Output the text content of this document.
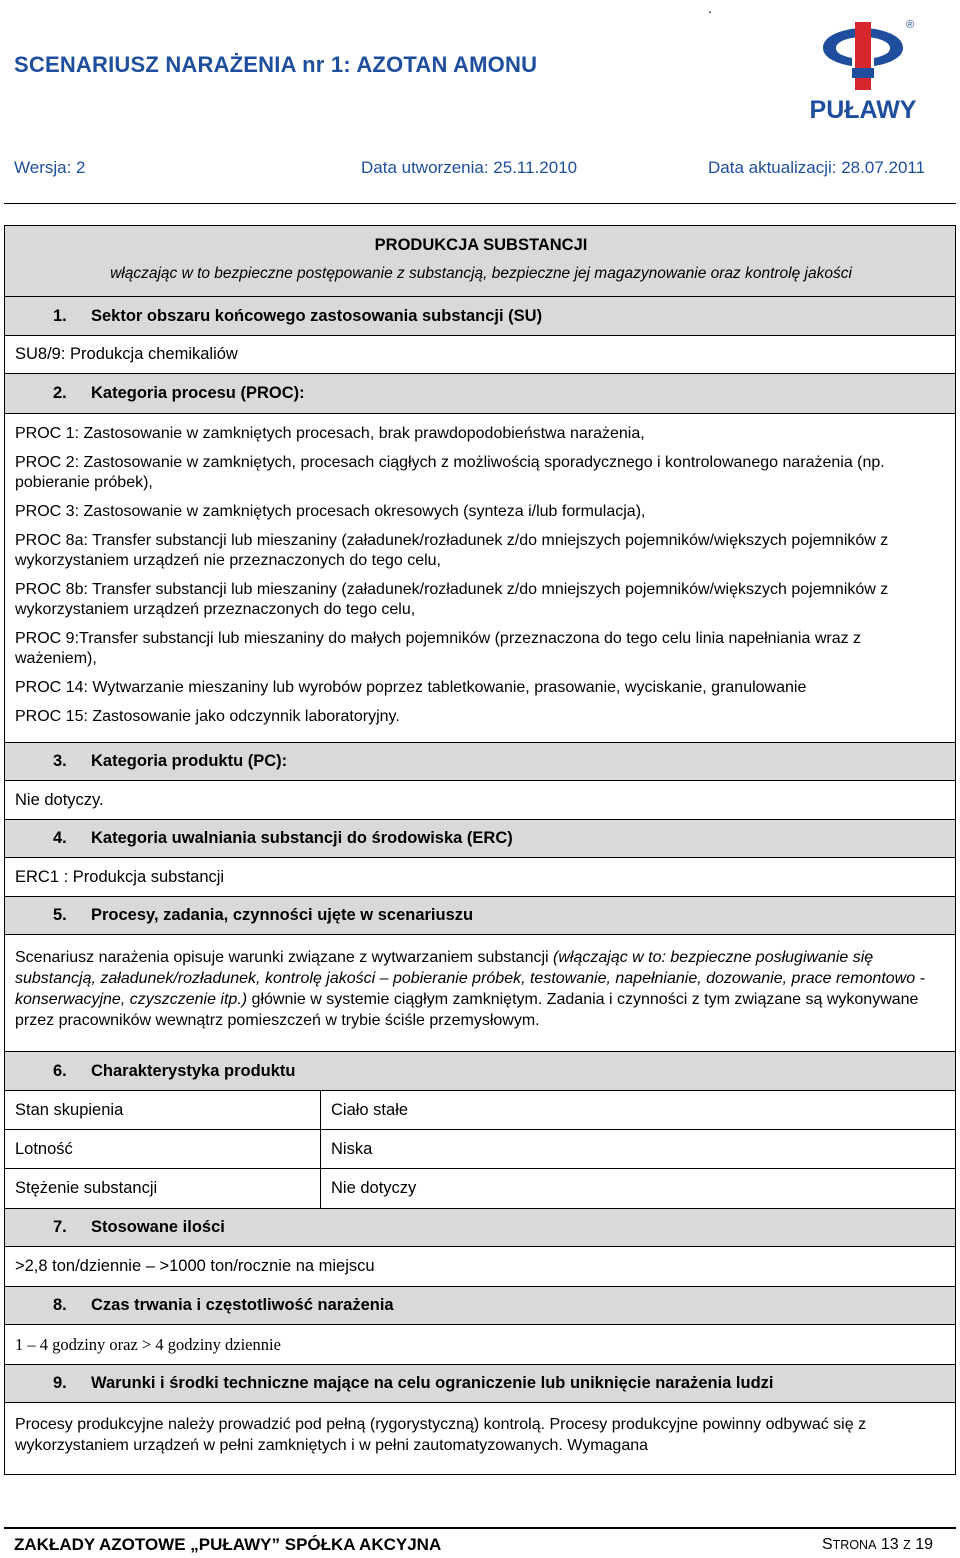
SCENARIUSZ NARAŻENIA nr 1: AZOTAN AMONU
.
®
PUŁAWY
Wersja: 2	Data utworzenia: 25.11.2010	Data aktualizacji: 28.07.2011
PRODUKCJA SUBSTANCJI
włączając w to bezpieczne postępowanie z substancją, bezpieczne jej magazynowanie oraz kontrolę jakości
1.	Sektor obszaru końcowego zastosowania substancji (SU)
SU8/9: Produkcja chemikaliów
2.	Kategoria procesu (PROC):
PROC 1: Zastosowanie w zamkniętych procesach, brak prawdopodobieństwa narażenia,
PROC 2: Zastosowanie w zamkniętych, procesach ciągłych z możliwością sporadycznego i kontrolowanego narażenia (np. pobieranie próbek),
PROC 3: Zastosowanie w zamkniętych procesach okresowych (synteza i/lub formulacja),
PROC 8a: Transfer substancji lub mieszaniny (załadunek/rozładunek z/do mniejszych pojemników/większych pojemników z wykorzystaniem urządzeń nie przeznaczonych do tego celu,
PROC 8b: Transfer substancji lub mieszaniny (załadunek/rozładunek z/do mniejszych pojemników/większych pojemników z wykorzystaniem urządzeń przeznaczonych do tego celu,
PROC 9:Transfer substancji lub mieszaniny do małych pojemników (przeznaczona do tego celu linia napełniania wraz z ważeniem),
PROC 14: Wytwarzanie mieszaniny lub wyrobów poprzez tabletkowanie, prasowanie, wyciskanie, granulowanie
PROC 15: Zastosowanie jako odczynnik laboratoryjny.
3.	Kategoria produktu (PC):
Nie dotyczy.
4.	Kategoria uwalniania substancji do środowiska (ERC)
ERC1 : Produkcja substancji
5.	Procesy, zadania, czynności ujęte w scenariuszu
Scenariusz narażenia opisuje warunki związane z wytwarzaniem substancji (włączając w to: bezpieczne posługiwanie się substancją, załadunek/rozładunek, kontrolę jakości – pobieranie próbek, testowanie, napełnianie, dozowanie, prace remontowo - konserwacyjne, czyszczenie itp.) głównie w systemie ciągłym zamkniętym. Zadania i czynności z tym związane są wykonywane przez pracowników wewnątrz pomieszczeń w trybie ściśle przemysłowym.
6.	Charakterystyka produktu
Stan skupienia	Ciało stałe
Lotność	Niska
Stężenie substancji	Nie dotyczy
7.	Stosowane ilości
>2,8 ton/dziennie – >1000 ton/rocznie na miejscu
8.	Czas trwania i częstotliwość narażenia
1 – 4 godziny oraz > 4 godziny dziennie
9.	Warunki i środki techniczne mające na celu ograniczenie lub uniknięcie narażenia ludzi
Procesy produkcyjne należy prowadzić pod pełną (rygorystyczną) kontrolą. Procesy produkcyjne powinny odbywać się z wykorzystaniem urządzeń w pełni zamkniętych i w pełni zautomatyzowanych. Wymagana
ZAKŁADY AZOTOWE „PUŁAWY” SPÓŁKA AKCYJNA	STRONA 13 Z 19
